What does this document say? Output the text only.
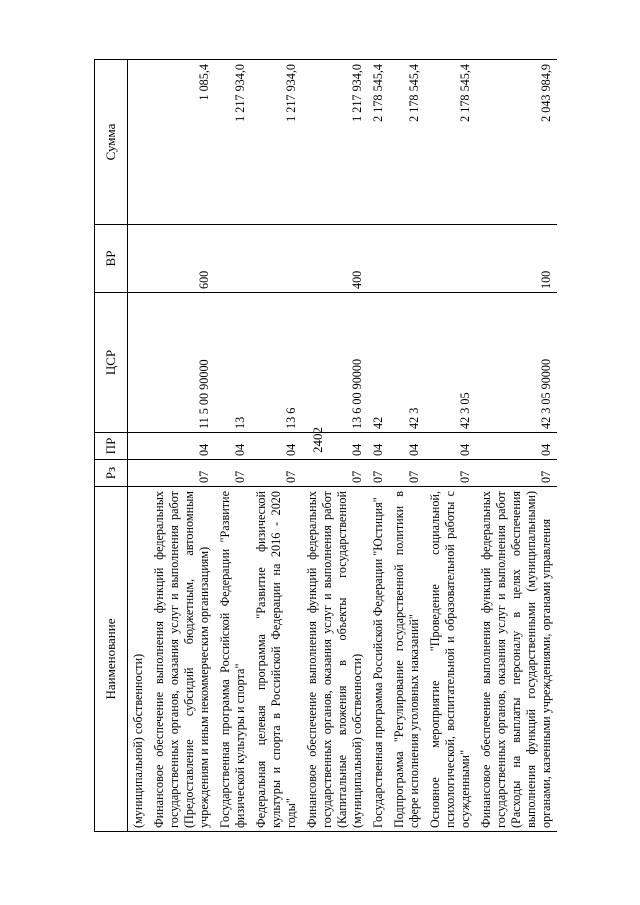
2402
Наименование	Рз	ПР	ЦСР	ВР	Сумма
(муниципальной) собственности)					
Финансовое обеспечение выполнения функций федеральных государственных органов, оказания услуг и выполнения работ (Предоставление субсидий бюджетным, автономным учреждениям и иным некоммерческим организациям)	07	04	11 5 00 90000	600	1 085,4
Государственная программа Российской Федерации "Развитие физической культуры и спорта"	07	04	13		1 217 934,0
Федеральная целевая программа "Развитие физической культуры и спорта в Российской Федерации на 2016 - 2020 годы"	07	04	13 6		1 217 934,0
Финансовое обеспечение выполнения функций федеральных государственных органов, оказания услуг и выполнения работ (Капитальные вложения в объекты государственной (муниципальной) собственности)	07	04	13 6 00 90000	400	1 217 934,0
Государственная программа Российской Федерации "Юстиция"	07	04	42		2 178 545,4
Подпрограмма "Регулирование государственной политики в сфере исполнения уголовных наказаний"	07	04	42 3		2 178 545,4
Основное мероприятие "Проведение социальной, психологической, воспитательной и образовательной работы с осужденными"	07	04	42 3 05		2 178 545,4
Финансовое обеспечение выполнения функций федеральных государственных органов, оказания услуг и выполнения работ (Расходы на выплаты персоналу в целях обеспечения выполнения функций государственными (муниципальными) органами, казенными учреждениями, органами управления	07	04	42 3 05 90000	100	2 043 984,9
